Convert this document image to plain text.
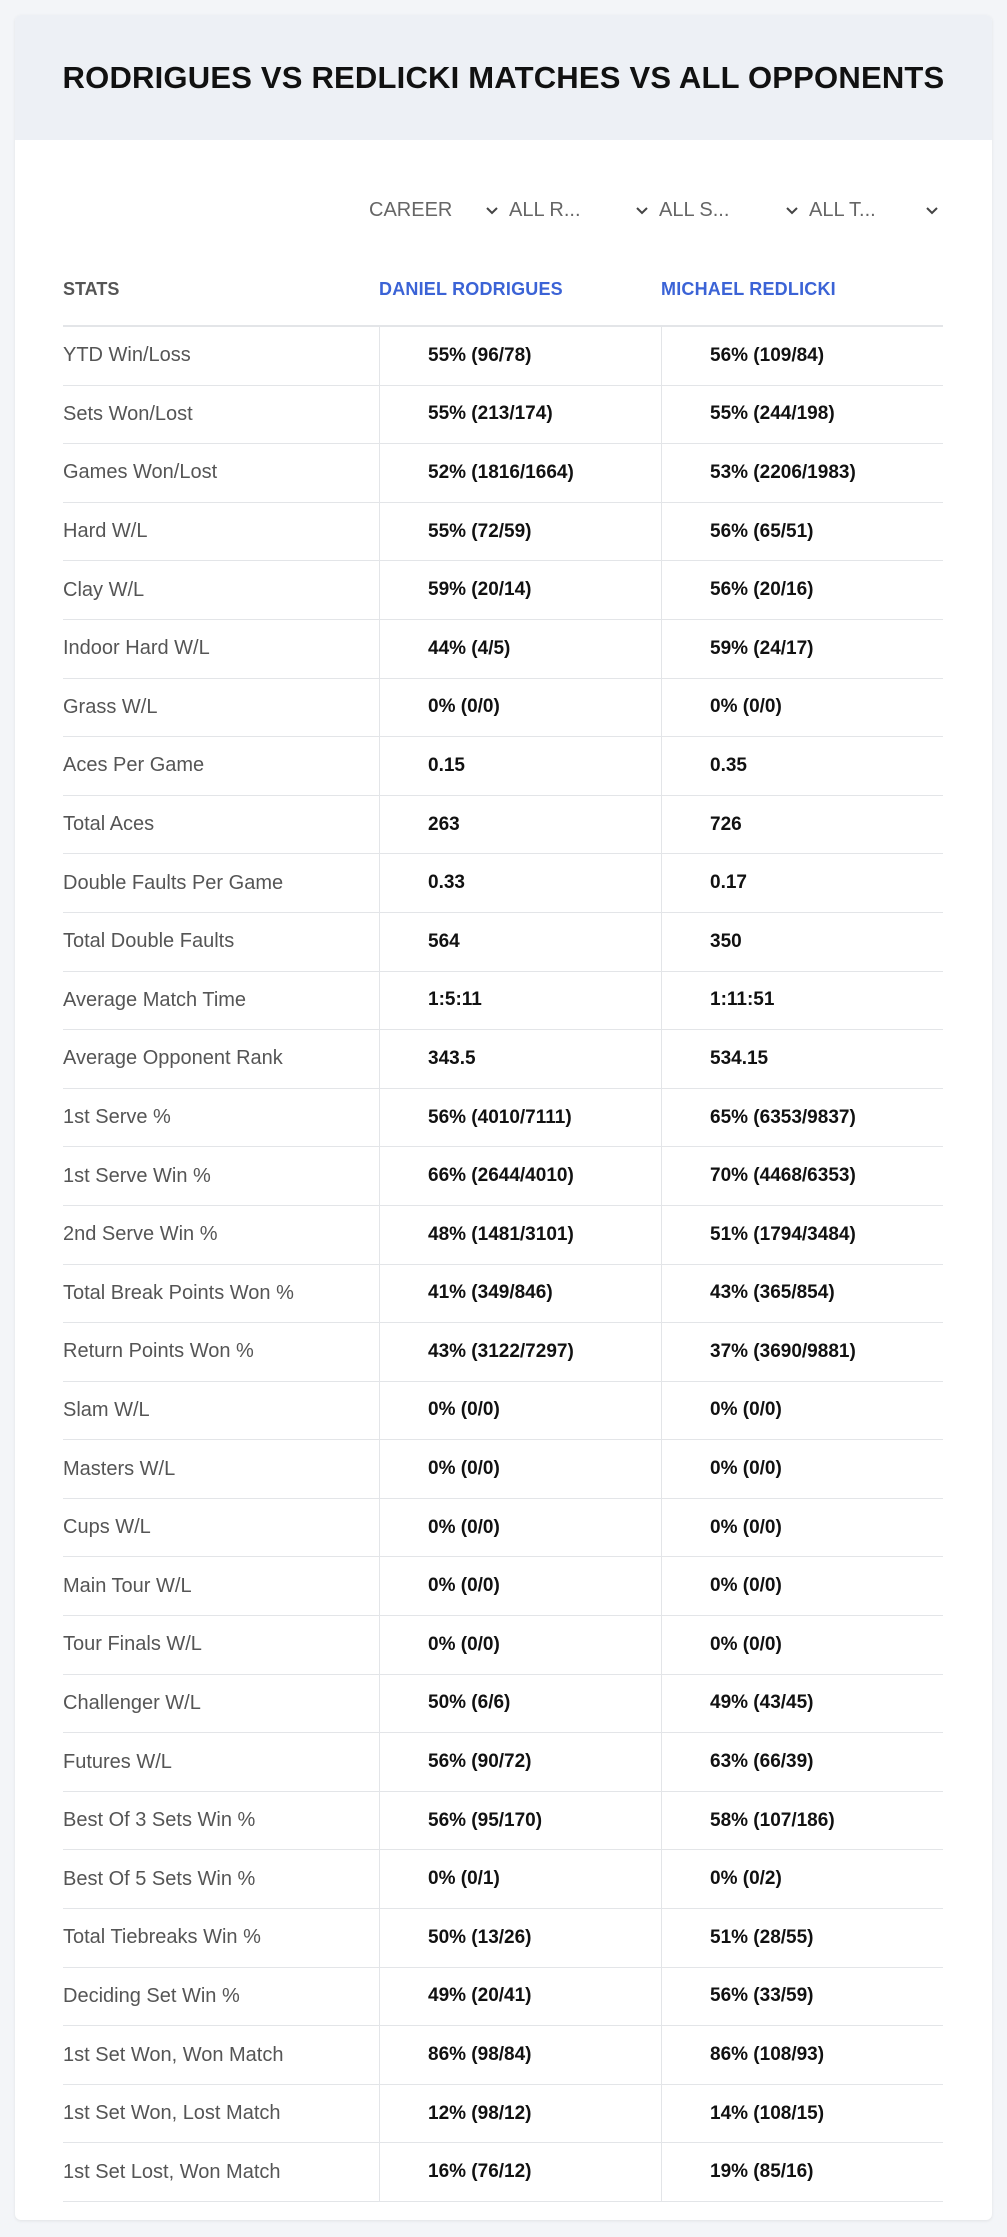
RODRIGUES VS REDLICKI MATCHES VS ALL OPPONENTS
CAREER	ALL R...	ALL S...	ALL T...
STATS	DANIEL RODRIGUES	MICHAEL REDLICKI
YTD Win/Loss	55% (96/78)	56% (109/84)
Sets Won/Lost	55% (213/174)	55% (244/198)
Games Won/Lost	52% (1816/1664)	53% (2206/1983)
Hard W/L	55% (72/59)	56% (65/51)
Clay W/L	59% (20/14)	56% (20/16)
Indoor Hard W/L	44% (4/5)	59% (24/17)
Grass W/L	0% (0/0)	0% (0/0)
Aces Per Game	0.15	0.35
Total Aces	263	726
Double Faults Per Game	0.33	0.17
Total Double Faults	564	350
Average Match Time	1:5:11	1:11:51
Average Opponent Rank	343.5	534.15
1st Serve %	56% (4010/7111)	65% (6353/9837)
1st Serve Win %	66% (2644/4010)	70% (4468/6353)
2nd Serve Win %	48% (1481/3101)	51% (1794/3484)
Total Break Points Won %	41% (349/846)	43% (365/854)
Return Points Won %	43% (3122/7297)	37% (3690/9881)
Slam W/L	0% (0/0)	0% (0/0)
Masters W/L	0% (0/0)	0% (0/0)
Cups W/L	0% (0/0)	0% (0/0)
Main Tour W/L	0% (0/0)	0% (0/0)
Tour Finals W/L	0% (0/0)	0% (0/0)
Challenger W/L	50% (6/6)	49% (43/45)
Futures W/L	56% (90/72)	63% (66/39)
Best Of 3 Sets Win %	56% (95/170)	58% (107/186)
Best Of 5 Sets Win %	0% (0/1)	0% (0/2)
Total Tiebreaks Win %	50% (13/26)	51% (28/55)
Deciding Set Win %	49% (20/41)	56% (33/59)
1st Set Won, Won Match	86% (98/84)	86% (108/93)
1st Set Won, Lost Match	12% (98/12)	14% (108/15)
1st Set Lost, Won Match	16% (76/12)	19% (85/16)
